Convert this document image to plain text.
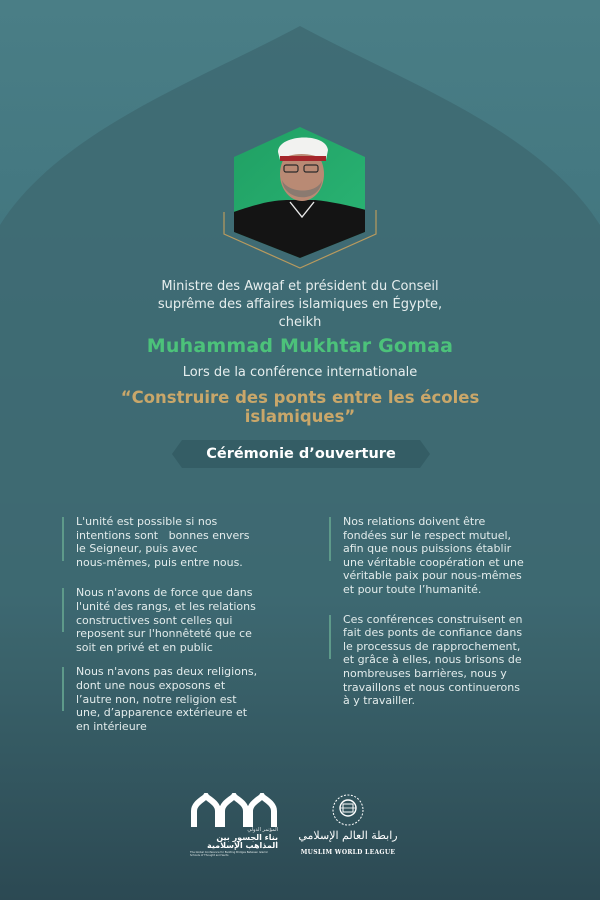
Ministre des Awqaf et président du Conseil
suprême des affaires islamiques en Égypte,
cheikh
Muhammad Mukhtar Gomaa
Lors de la conférence internationale
“Construire des ponts entre les écoles
islamiques”
Cérémonie d’ouverture
L'unité est possible si nos
intentions sont   bonnes envers
le Seigneur, puis avec
nous-mêmes, puis entre nous.
Nous n'avons de force que dans
l'unité des rangs, et les relations
constructives sont celles qui
reposent sur l'honnêteté que ce
soit en privé et en public
Nous n'avons pas deux religions,
dont une nous exposons et
l’autre non, notre religion est
une, d’apparence extérieure et
en intérieure
Nos relations doivent être
fondées sur le respect mutuel,
afin que nous puissions établir
une véritable coopération et une
véritable paix pour nous-mêmes
et pour toute l’humanité.
Ces conférences construisent en
fait des ponts de confiance dans
le processus de rapprochement,
et grâce à elles, nous brisons de
nombreuses barrières, nous y
travaillons et nous continuerons
à y travailler.
المؤتمر الدولي
بناء الجسور بين
المذاهب الإسلامية
The Global Conference for Building Bridges Between Islamic Schools of Thought and Sects
رابطة العالم الإسلامي
MUSLIM WORLD LEAGUE
